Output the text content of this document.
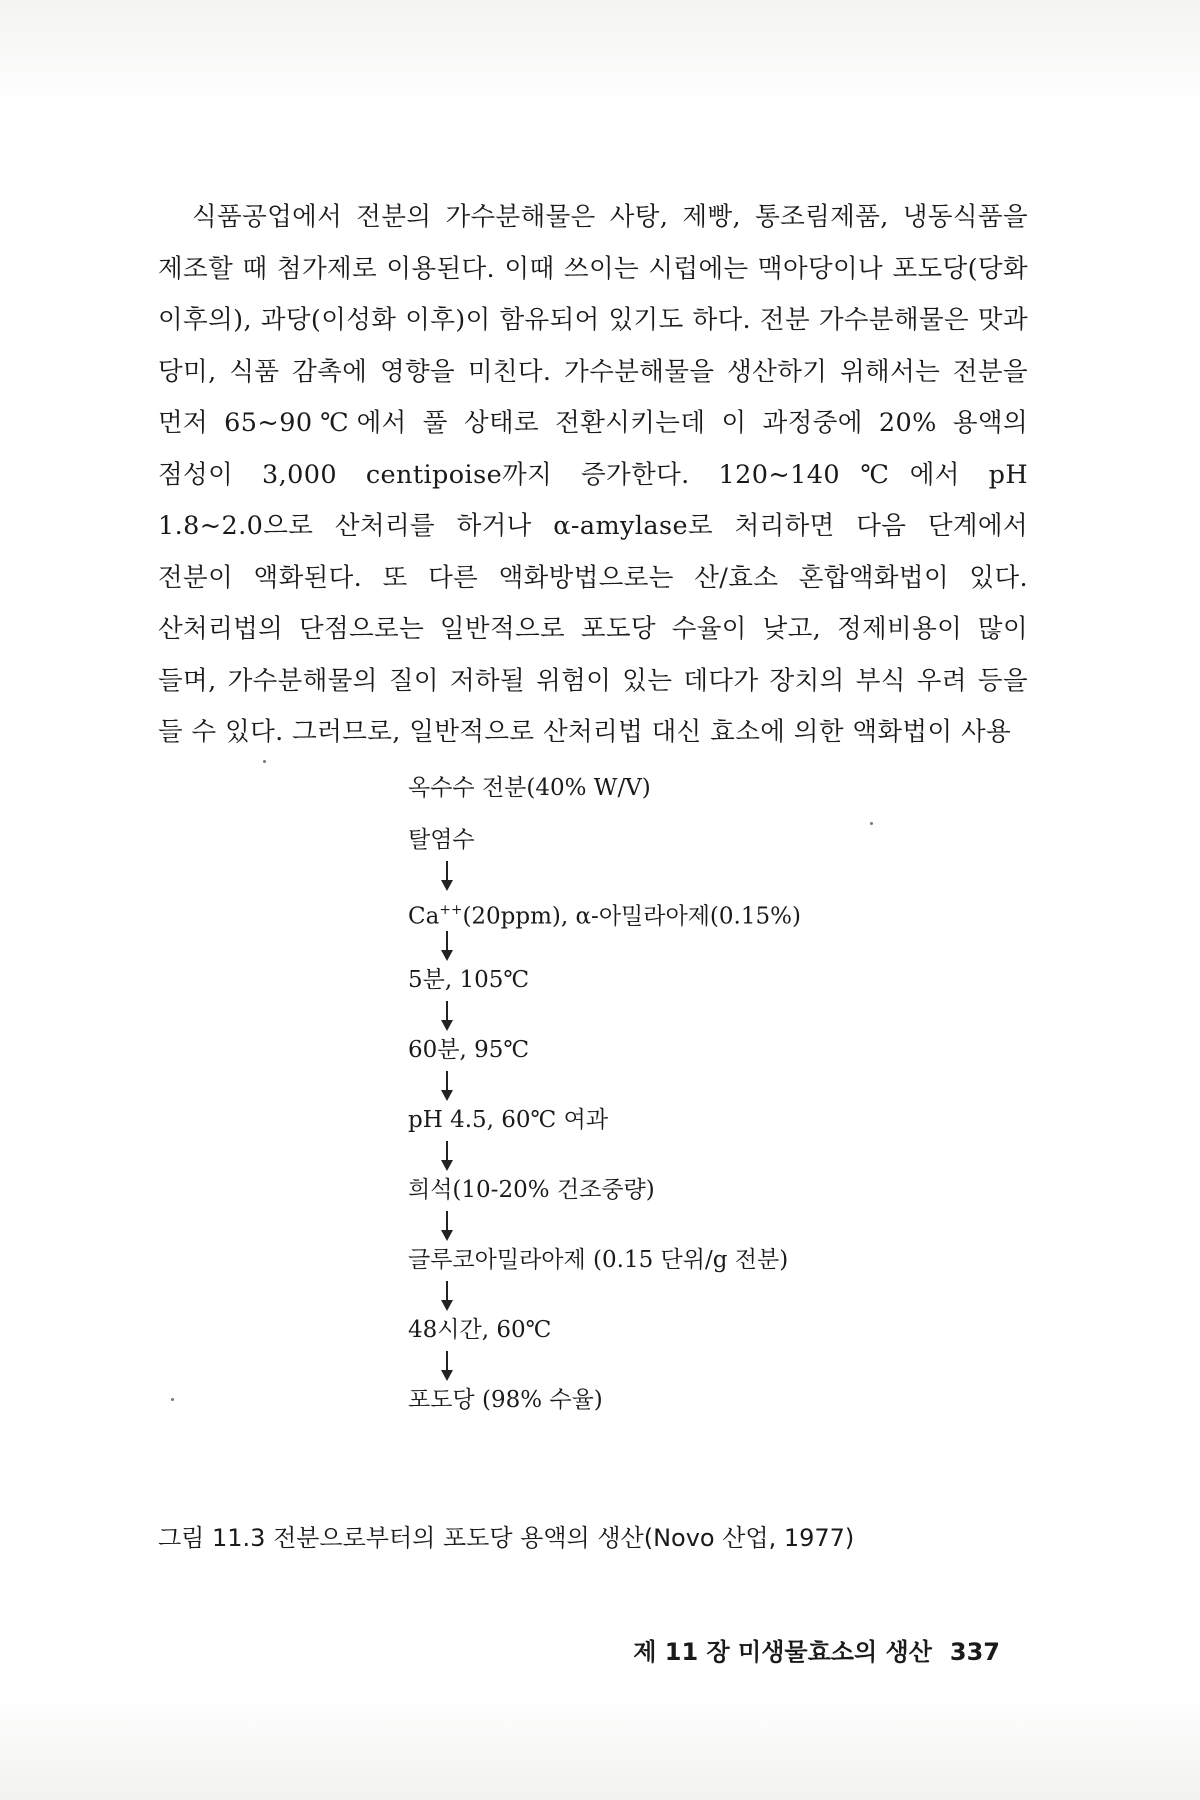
식품공업에서 전분의 가수분해물은 사탕, 제빵, 통조림제품, 냉동식품을 제조할 때 첨가제로 이용된다. 이때 쓰이는 시럽에는 맥아당이나 포도당(당화 이후의), 과당(이성화 이후)이 함유되어 있기도 하다. 전분 가수분해물은 맛과 당미, 식품 감촉에 영향을 미친다. 가수분해물을 생산하기 위해서는 전분을 먼저 65~90℃에서 풀 상태로 전환시키는데 이 과정중에 20% 용액의 점성이 3,000 centipoise까지 증가한다. 120~140℃에서 pH 1.8~2.0으로 산처리를 하거나 α-amylase로 처리하면 다음 단계에서 전분이 액화된다. 또 다른 액화방법으로는 산/효소 혼합액화법이 있다. 산처리법의 단점으로는 일반적으로 포도당 수율이 낮고, 정제비용이 많이 들며, 가수분해물의 질이 저하될 위험이 있는 데다가 장치의 부식 우려 등을 들 수 있다. 그러므로, 일반적으로 산처리법 대신 효소에 의한 액화법이 사용

옥수수 전분(40% W/V)
탈염수
Ca++(20ppm), α-아밀라아제(0.15%)
5분, 105℃
60분, 95℃
pH 4.5, 60℃ 여과
희석(10-20% 건조중량)
글루코아밀라아제 (0.15 단위/g 전분)
48시간, 60℃
포도당 (98% 수율)
그림 11.3 전분으로부터의 포도당 용액의 생산(Novo 산업, 1977)
제 11 장 미생물효소의 생산 337
